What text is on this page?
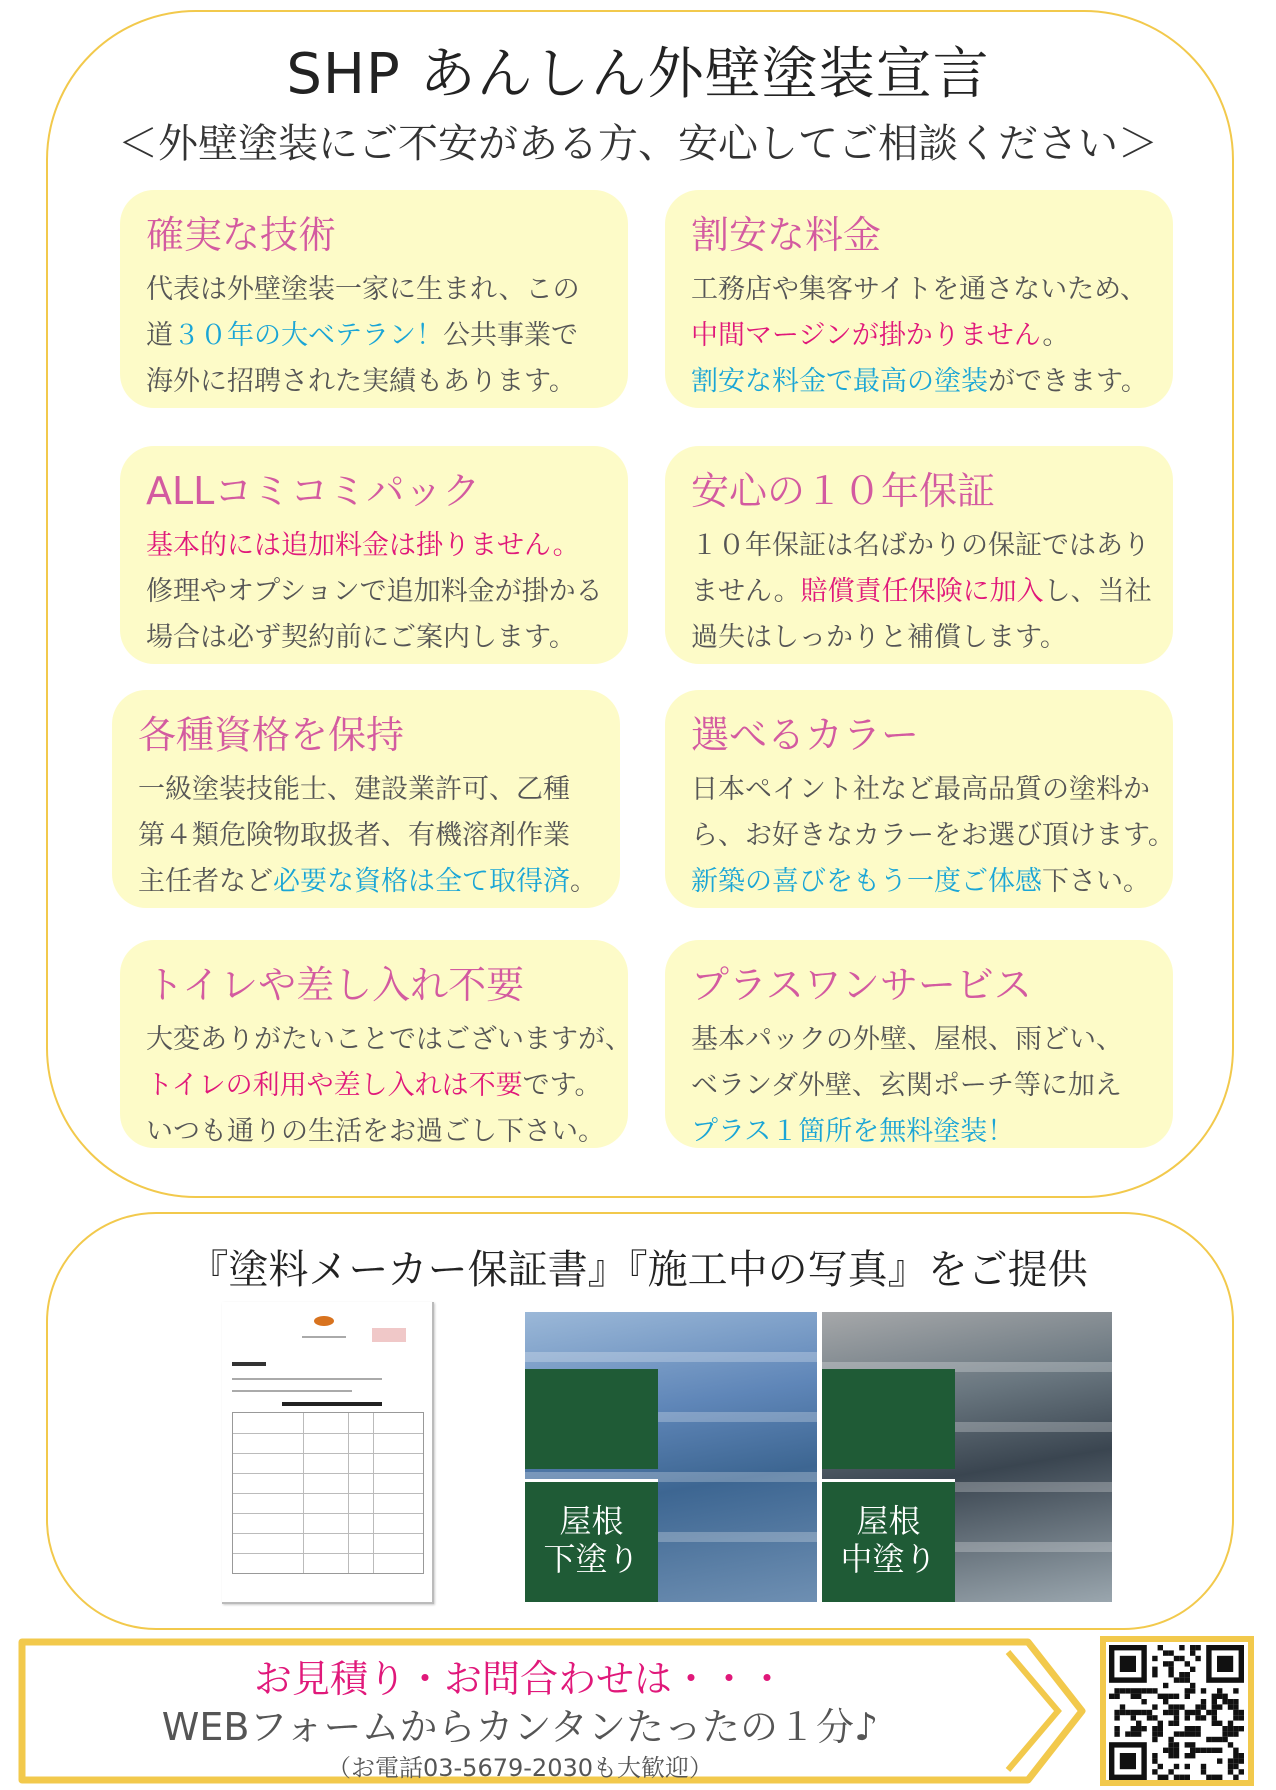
SHP あんしん外壁塗装宣言
＜外壁塗装にご不安がある方、安心してご相談ください＞
確実な技術
代表は外壁塗装一家に生まれ、この
道３０年の大ベテラン！公共事業で
海外に招聘された実績もあります。
割安な料金
工務店や集客サイトを通さないため、
中間マージンが掛かりません。
割安な料金で最高の塗装ができます。
ALLコミコミパック
基本的には追加料金は掛りません。
修理やオプションで追加料金が掛かる
場合は必ず契約前にご案内します。
安心の１０年保証
１０年保証は名ばかりの保証ではあり
ません。賠償責任保険に加入し、当社
過失はしっかりと補償します。
各種資格を保持
一級塗装技能士、建設業許可、乙種
第４類危険物取扱者、有機溶剤作業
主任者など必要な資格は全て取得済。
選べるカラー
日本ペイント社など最高品質の塗料か
ら、お好きなカラーをお選び頂けます。
新築の喜びをもう一度ご体感下さい。
トイレや差し入れ不要
大変ありがたいことではございますが、
トイレの利用や差し入れは不要です。
いつも通りの生活をお過ごし下さい。
プラスワンサービス
基本パックの外壁、屋根、雨どい、
ベランダ外壁、玄関ポーチ等に加え
プラス１箇所を無料塗装！
『塗料メーカー保証書』『施工中の写真』をご提供
屋根
下塗り
屋根
中塗り
お見積り・お問合わせは・・・
WEBフォームからカンタンたったの１分♪
（お電話03-5679-2030も大歓迎）
